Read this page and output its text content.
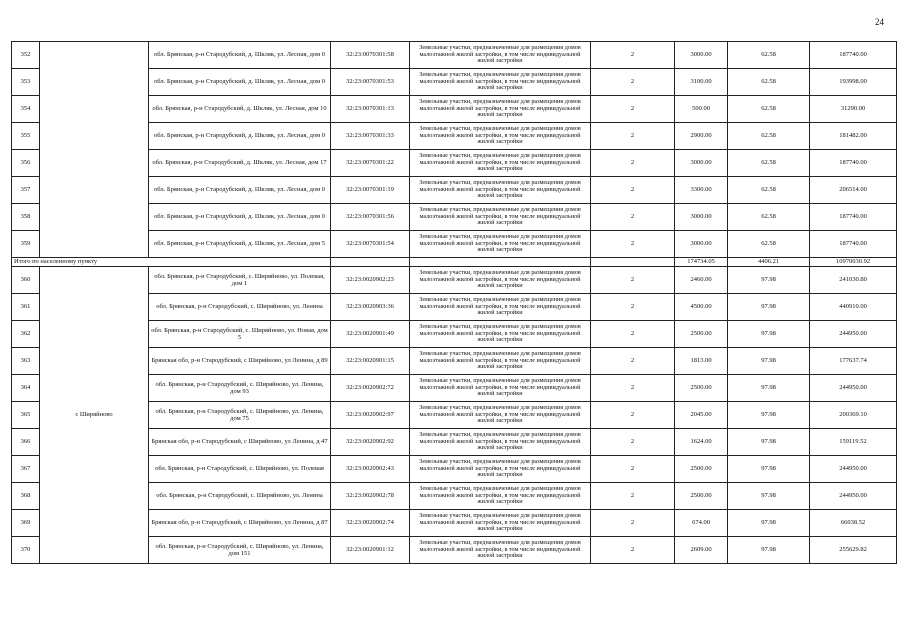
24
352		обл. Брянская, р-н Стародубский, д. Шкляк, ул. Лесная, дом 0	32:23:0070301:58	Земельные участки, предназначенные для размещения домов малоэтажной жилой застройки, в том числе индивидуальной жилой застройки	2	3000.00	62.58	187740.00
353		обл. Брянская, р-н Стародубский, д. Шкляк, ул. Лесная, дом 0	32:23:0070301:53	Земельные участки, предназначенные для размещения домов малоэтажной жилой застройки, в том числе индивидуальной жилой застройки	2	3100.00	62.58	193998.00
354		обл. Брянская, р-н Стародубский, д. Шкляк, ул. Лесная, дом 10	32:23:0070301:13	Земельные участки, предназначенные для размещения домов малоэтажной жилой застройки, в том числе индивидуальной жилой застройки	2	500.00	62.58	31290.00
355		обл. Брянская, р-н Стародубский, д. Шкляк, ул. Лесная, дом 0	32:23:0070301:33	Земельные участки, предназначенные для размещения домов малоэтажной жилой застройки, в том числе индивидуальной жилой застройки	2	2900.00	62.58	181482.00
356		обл. Брянская, р-н Стародубский, д. Шкляк, ул. Лесная, дом 17	32:23:0070301:22	Земельные участки, предназначенные для размещения домов малоэтажной жилой застройки, в том числе индивидуальной жилой застройки	2	3000.00	62.58	187740.00
357		обл. Брянская, р-н Стародубский, д. Шкляк, ул. Лесная, дом 0	32:23:0070301:19	Земельные участки, предназначенные для размещения домов малоэтажной жилой застройки, в том числе индивидуальной жилой застройки	2	3300.00	62.58	206514.00
358		обл. Брянская, р-н Стародубский, д. Шкляк, ул. Лесная, дом 0	32:23:0070301:56	Земельные участки, предназначенные для размещения домов малоэтажной жилой застройки, в том числе индивидуальной жилой застройки	2	3000.00	62.58	187740.00
359		обл. Брянская, р-н Стародубский, д. Шкляк, ул. Лесная, дом 5	32:23:0070301:54	Земельные участки, предназначенные для размещения домов малоэтажной жилой застройки, в том числе индивидуальной жилой застройки	2	3000.00	62.58	187740.00
Итого по населенному пункту						174734.05	4406.21	10970030.92
360	с Ширяйново	обл. Брянская, р-н Стародубский, с. Ширяйново, ул. Полевая, дом 1	32:23:0020902:23	Земельные участки, предназначенные для размещения домов малоэтажной жилой застройки, в том числе индивидуальной жилой застройки	2	2460.00	97.98	241030.80
361		обл. Брянская, р-н Стародубский, с. Ширяйново, ул. Ленина	32:23:0020903:36	Земельные участки, предназначенные для размещения домов малоэтажной жилой застройки, в том числе индивидуальной жилой застройки	2	4500.00	97.98	440910.00
362		обл. Брянская, р-н Стародубский, с. Ширяйново, ул. Новая, дом 5	32:23:0020901:49	Земельные участки, предназначенные для размещения домов малоэтажной жилой застройки, в том числе индивидуальной жилой застройки	2	2500.00	97.98	244950.00
363		Брянская обл, р-н Стародубский, с Ширяйново, ул Ленина, д 89	32:23:0020901:15	Земельные участки, предназначенные для размещения домов малоэтажной жилой застройки, в том числе индивидуальной жилой застройки	2	1813.00	97.98	177637.74
364		обл. Брянская, р-н Стародубский, с. Ширяйново, ул. Ленина, дом 93	32:23:0020902:72	Земельные участки, предназначенные для размещения домов малоэтажной жилой застройки, в том числе индивидуальной жилой застройки	2	2500.00	97.98	244950.00
365		обл. Брянская, р-н Стародубский, с. Ширяйново, ул. Ленина, дом 75	32:23:0020902:97	Земельные участки, предназначенные для размещения домов малоэтажной жилой застройки, в том числе индивидуальной жилой застройки	2	2045.00	97.98	200369.10
366		Брянская обл, р-н Стародубский, с Ширяйново, ул Ленина, д 47	32:23:0020902:92	Земельные участки, предназначенные для размещения домов малоэтажной жилой застройки, в том числе индивидуальной жилой застройки	2	1624.00	97.98	159119.52
367		обл. Брянская, р-н Стародубский, с. Ширяйново, ул. Полевая	32:23:0020902:43	Земельные участки, предназначенные для размещения домов малоэтажной жилой застройки, в том числе индивидуальной жилой застройки	2	2500.00	97.98	244950.00
368		обл. Брянская, р-н Стародубский, с. Ширяйново, ул. Ленина	32:23:0020902:78	Земельные участки, предназначенные для размещения домов малоэтажной жилой застройки, в том числе индивидуальной жилой застройки	2	2500.00	97.98	244950.00
369		Брянская обл, р-н Стародубский, с Ширяйново, ул Ленина, д 87	32:23:0020902:74	Земельные участки, предназначенные для размещения домов малоэтажной жилой застройки, в том числе индивидуальной жилой застройки	2	674.00	97.98	66038.52
370		обл. Брянская, р-н Стародубский, с. Ширяйново, ул. Ленина, дом 151	32:23:0020901:12	Земельные участки, предназначенные для размещения домов малоэтажной жилой застройки, в том числе индивидуальной жилой застройки	2	2609.00	97.98	255629.82
